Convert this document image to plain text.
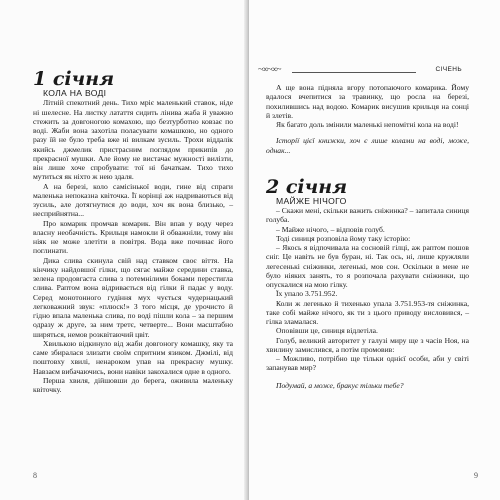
1 січня

КОЛА НА ВОДІ

Літній спекотний день. Тихо мріє маленький ставок, ніде ні шелесне. На листку латаття сидить лінива жаба й уважно стежить за довгоногою комахою, що безтурботно ковзає по воді. Жаби вона захотіла поласувати комашкою, но одного разу їй не було треба вже ні вилкам зусиль. Трохи віддалік якийсь джмелик пристрасним поглядом прикипів до прекрасної мушки. Але йому не вистачає мужності вилізти, він лише хоче спробувати: тої ні бачаткам. Тихо тихо мутиться як ніхто ж нею здаля.

А на березі, коло самісінької води, гине від спраги маленька непоказна квіточка. Її корінці аж надриваються від зусиль, але дотягнутися до води, хоч як вона близько, – несприйнятна...

Про комарик промчав комарик. Він впав у воду через власну необачність. Крильця намокли й обважніли, тому він ніяк не може злетіти в повітря. Вода вже починає його поглинати.

Дика слива скинула свій над ставком своє віття. На кінчику найдовшої гілки, що сягає майже середини ставка, зелена продовгаста слива з потемнілими боками перестигла слива. Раптом вона відривається від гілки й падає у воду. Серед монотонного гудіння мух чується чудернацький легковажний звук: «плюск!» З того місця, де урочисто й гідно впала маленька слива, по воді пішли кола – за першим одразу ж друге, за ним третє, четверте... Вони масштабно ширяться, немов розквітаючий цвіт.

Хвилькою відкинуло від жаби довгоногу комашку, яку та саме збиралася злизати своїм спритним язиком. Джмілі, від поштовху хвилі, ненароком упав на прекрасну мушку. Навзаєм вибачаючись, вони навіки закохалися одне в одного.

Перша хвиля, дійшовши до берега, оживила маленьку квіточку.

8

А ще вона підняла вгору потопаючого комарика. Йому вдалося вчепитися за травинку, що росла на березі, похилившись над водою. Комарик висушив крильця на сонці й злетів.

Як багато доль змінили маленькі непомітні кола на воді!

Історії цієї книжки, хоч є лише колами на воді, може, однак...

2 січня

МАЙЖЕ НІЧОГО

– Скажи мені, скільки важить сніжинка? – запитала синиця голуба.

– Майже нічого, – відповів голуб.

Тоді синиця розповіла йому таку історію:

– Якось я відпочивала на сосновій гілці, аж раптом пошов сніг. Це навіть не був буран, ні. Так ось, ні, лише кружляли легесенькі сніжинки, легенькі, мов сон. Оскільки в мене не було ніяких занять, то я розпочала рахувати сніжинки, що опускалися на мою гілку.

Їх упало 3.751.952.

Коли ж легенько й тихенько упала 3.751.953-тя сніжинка, таке собі майже нічого, як ти з цього приводу висловився, – гілка зламалася.

Оповівши це, синиця відлетіла.

Голуб, великий авторитет у галузі миру ще з часів Ноя, на хвилину замислився, а потім промовив:

– Можливо, потрібно ще тільки однієї особи, аби у світі запанував мир?

Подумай, а може, бракує тільки тебе?

9
~∞~∞~	СІЧЕНЬ
